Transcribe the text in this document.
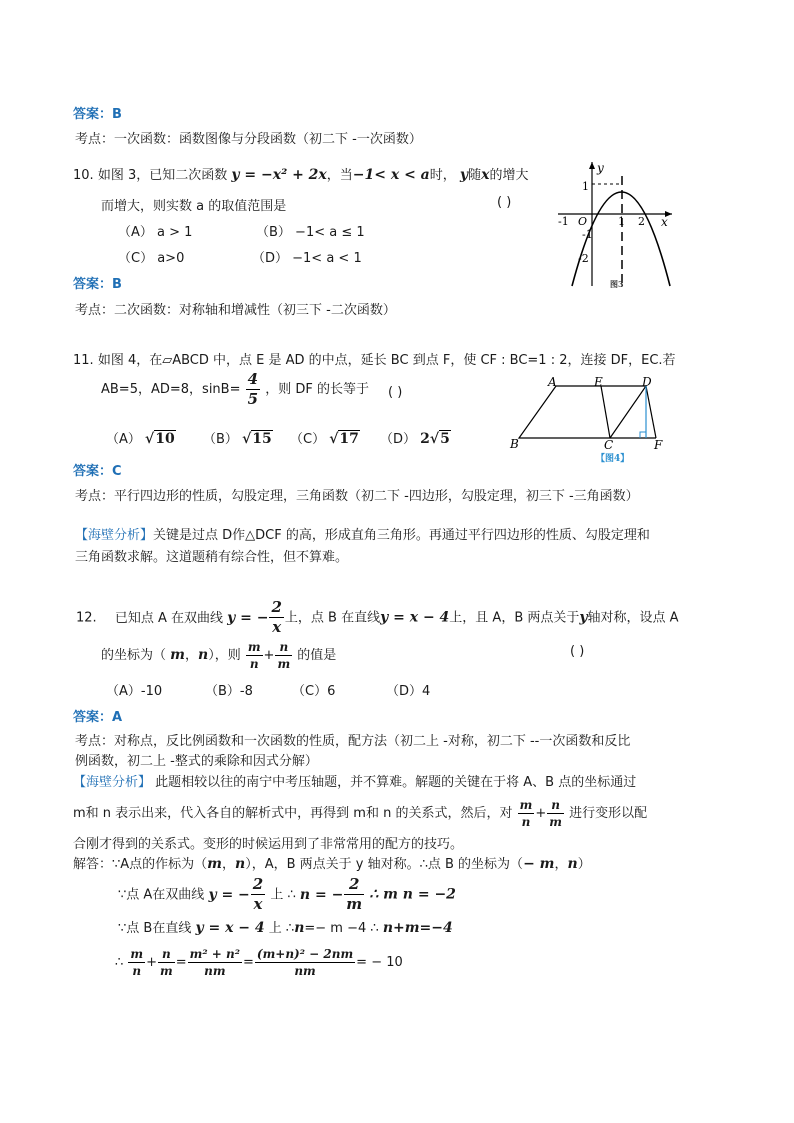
答案：B
考点：一次函数：函数图像与分段函数（初二下 -一次函数）
10. 如图 3，已知二次函数 y = −x² + 2x，当−1< x < a时， y随x的增大
而增大，则实数 a 的取值范围是	( )
（A） a > 1	（B） −1< a ≤ 1
（C） a>0	（D） −1< a < 1
答案：B
考点：二次函数：对称轴和增减性（初三下 -二次函数）
y
x
-1 O	1 2
1
-1
-2
图3
11. 如图 4，在▱ABCD 中，点 E 是 AD 的中点，延长 BC 到点 F，使 CF : BC=1 : 2，连接 DF，EC.若
AB=5，AD=8，$\sin B= \frac{4}{5}$ ，则 DF 的长等于 ( )
（A） √10 （B） √15 （C） √17 （D） 2√5
A	E	D
B	C	F
【图4】
答案：C
考点：平行四边形的性质，勾股定理，三角函数（初二下 -四边形，勾股定理，初三下 -三角函数）
【海壁分析】关键是过点 D作△DCF 的高，形成直角三角形。再通过平行四边形的性质、勾股定理和
三角函数求解。这道题稍有综合性，但不算难。
12. 已知点 A 在双曲线 y = − $\frac{2}{x}$ 上，点 B 在直线y = x − 4上，且 A，B 两点关于y轴对称，设点 A
的坐标为（ m，n），则 $\frac{m}{n} + \frac{n}{m}$ 的值是	( )
（A）-10	（B）-8	（C）6	（D）4
答案：A
考点：对称点，反比例函数和一次函数的性质，配方法（初二上 -对称，初二下 --一次函数和反比
例函数，初二上 -整式的乘除和因式分解）
【海壁分析】 此题相较以往的南宁中考压轴题，并不算难。解题的关键在于将 A、B 点的坐标通过
m和 n 表示出来，代入各自的解析式中，再得到 m和 n 的关系式，然后，对 $\frac{m}{n} + \frac{n}{m}$ 进行变形以配
合刚才得到的关系式。变形的时候运用到了非常常用的配方的技巧。
解答：∵A点的作标为（m，n），A，B 两点关于 y 轴对称。∴点 B 的坐标为（− m，n）
∵点 A在双曲线 y = − $\frac{2}{x}$ 上 ∴ n = − $\frac{2}{m}$ ∴ m n = −2
∵点 B在直线 y = x − 4 上 ∴n=− m −4 ∴ n+m=−4
∴ $\frac{m}{n} + \frac{n}{m} = \frac{\text{m² + n²}}{nm} = \frac{\text{(m+n)² − 2nm}}{nm}$ = − 10
